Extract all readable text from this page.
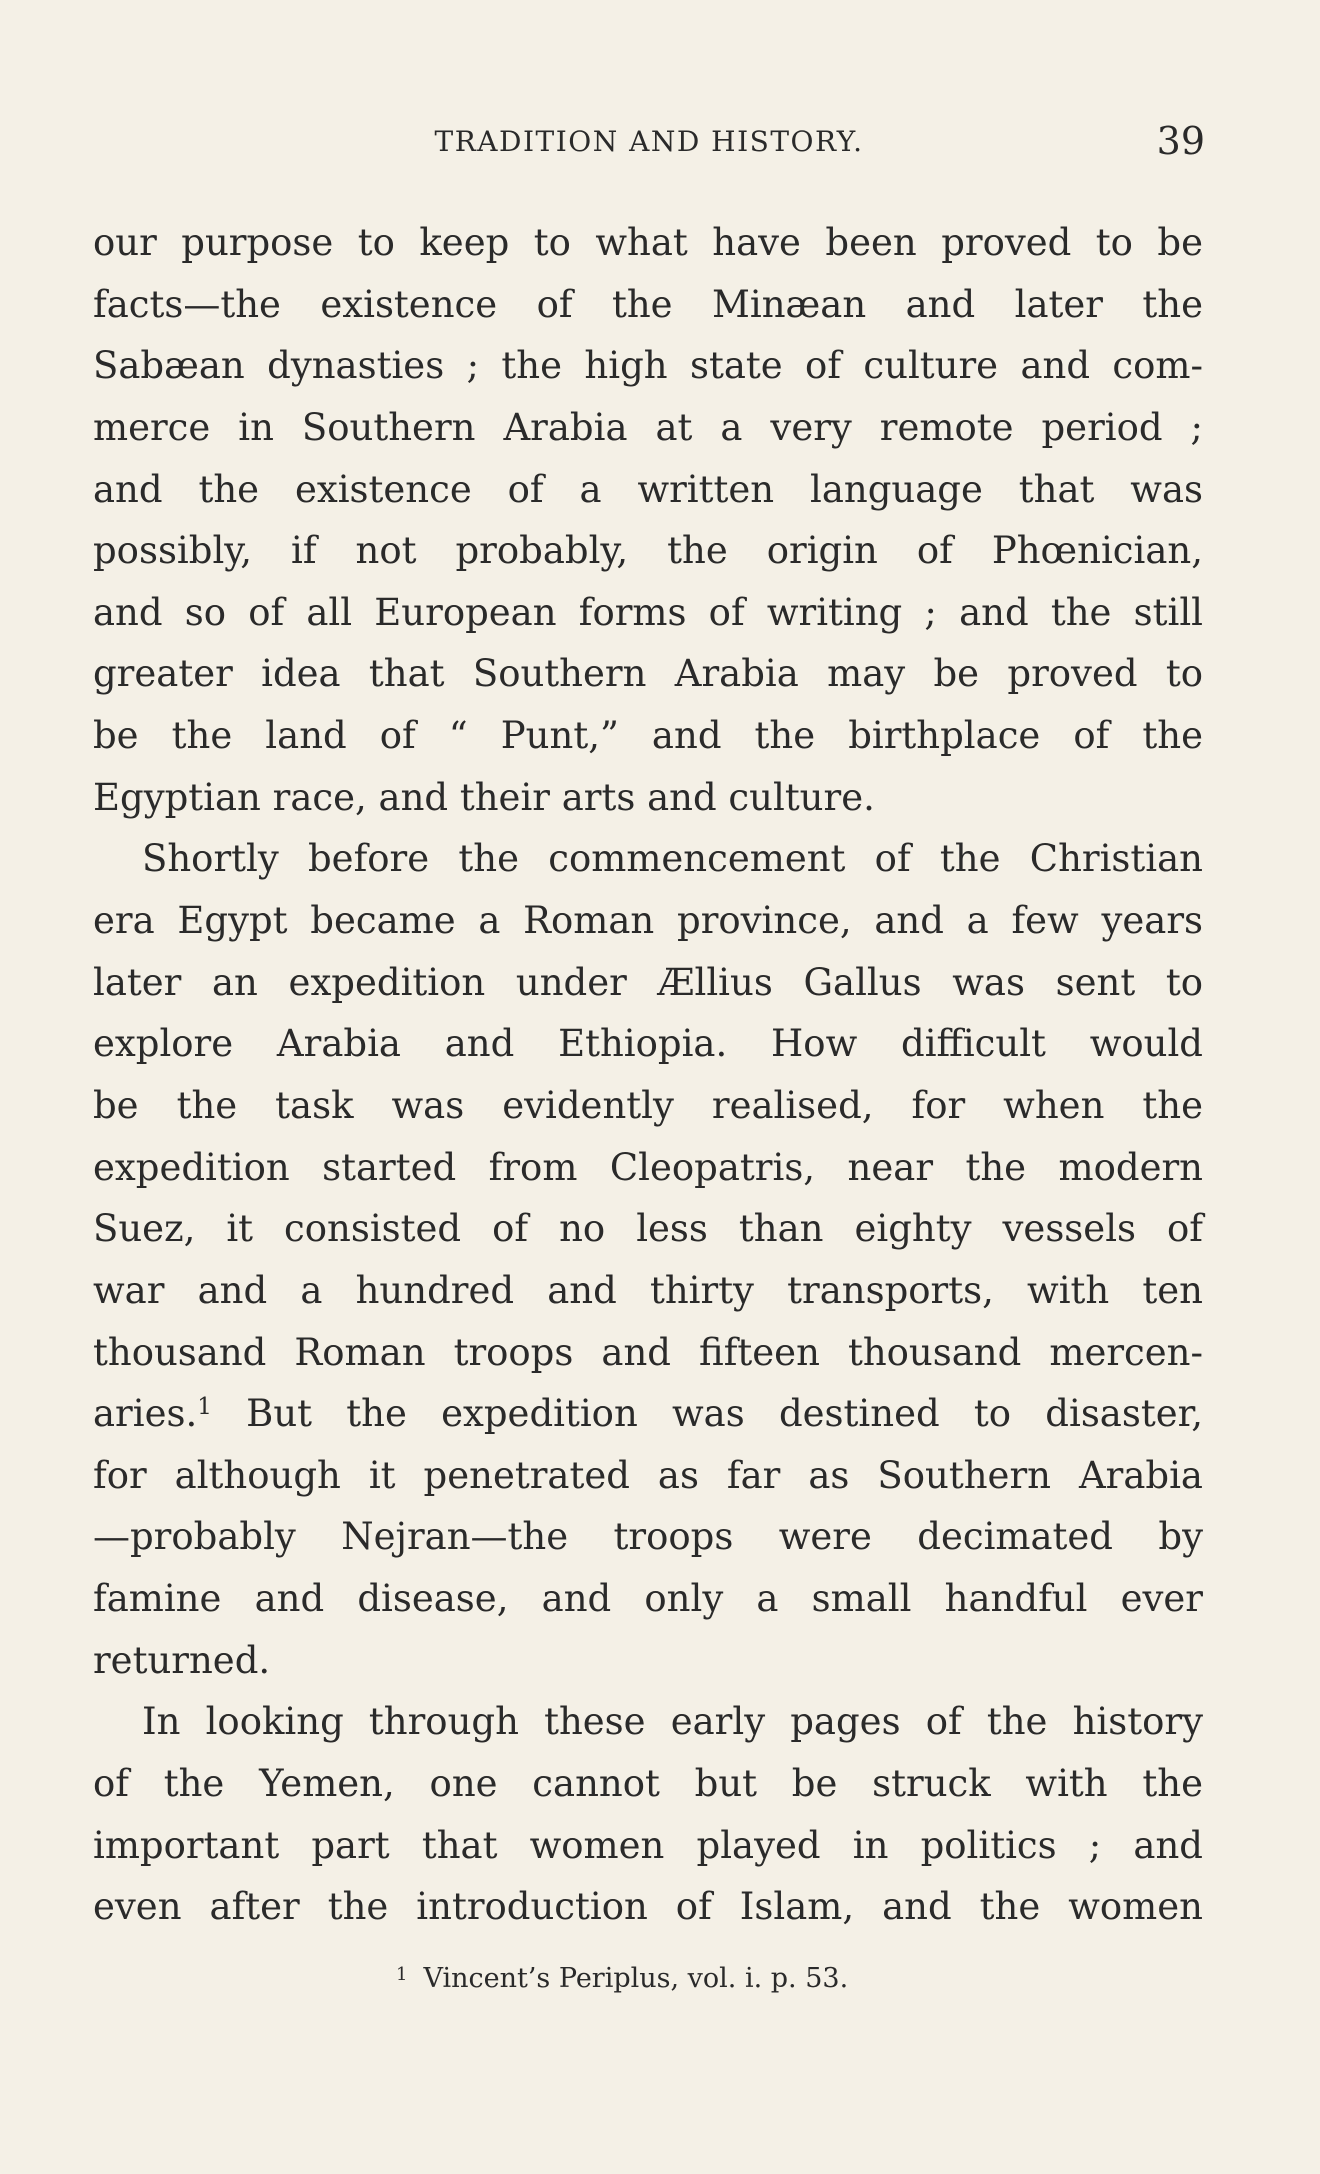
TRADITION AND HISTORY.	39
our purpose to keep to what have been proved to be
facts—the existence of the Minæan and later the
Sabæan dynasties ; the high state of culture and com-
merce in Southern Arabia at a very remote period ;
and the existence of a written language that was
possibly, if not probably, the origin of Phœnician,
and so of all European forms of writing ; and the still
greater idea that Southern Arabia may be proved to
be the land of “ Punt,” and the birthplace of the
Egyptian race, and their arts and culture.
Shortly before the commencement of the Christian
era Egypt became a Roman province, and a few years
later an expedition under Ællius Gallus was sent to
explore Arabia and Ethiopia. How difficult would
be the task was evidently realised, for when the
expedition started from Cleopatris, near the modern
Suez, it consisted of no less than eighty vessels of
war and a hundred and thirty transports, with ten
thousand Roman troops and fifteen thousand mercen-
aries.$^1$ But the expedition was destined to disaster,
for although it penetrated as far as Southern Arabia
—probably Nejran—the troops were decimated by
famine and disease, and only a small handful ever
returned.
In looking through these early pages of the history
of the Yemen, one cannot but be struck with the
important part that women played in politics ; and
even after the introduction of Islam, and the women
$^1$ Vincent’s Periplus, vol. i. p. 53.
